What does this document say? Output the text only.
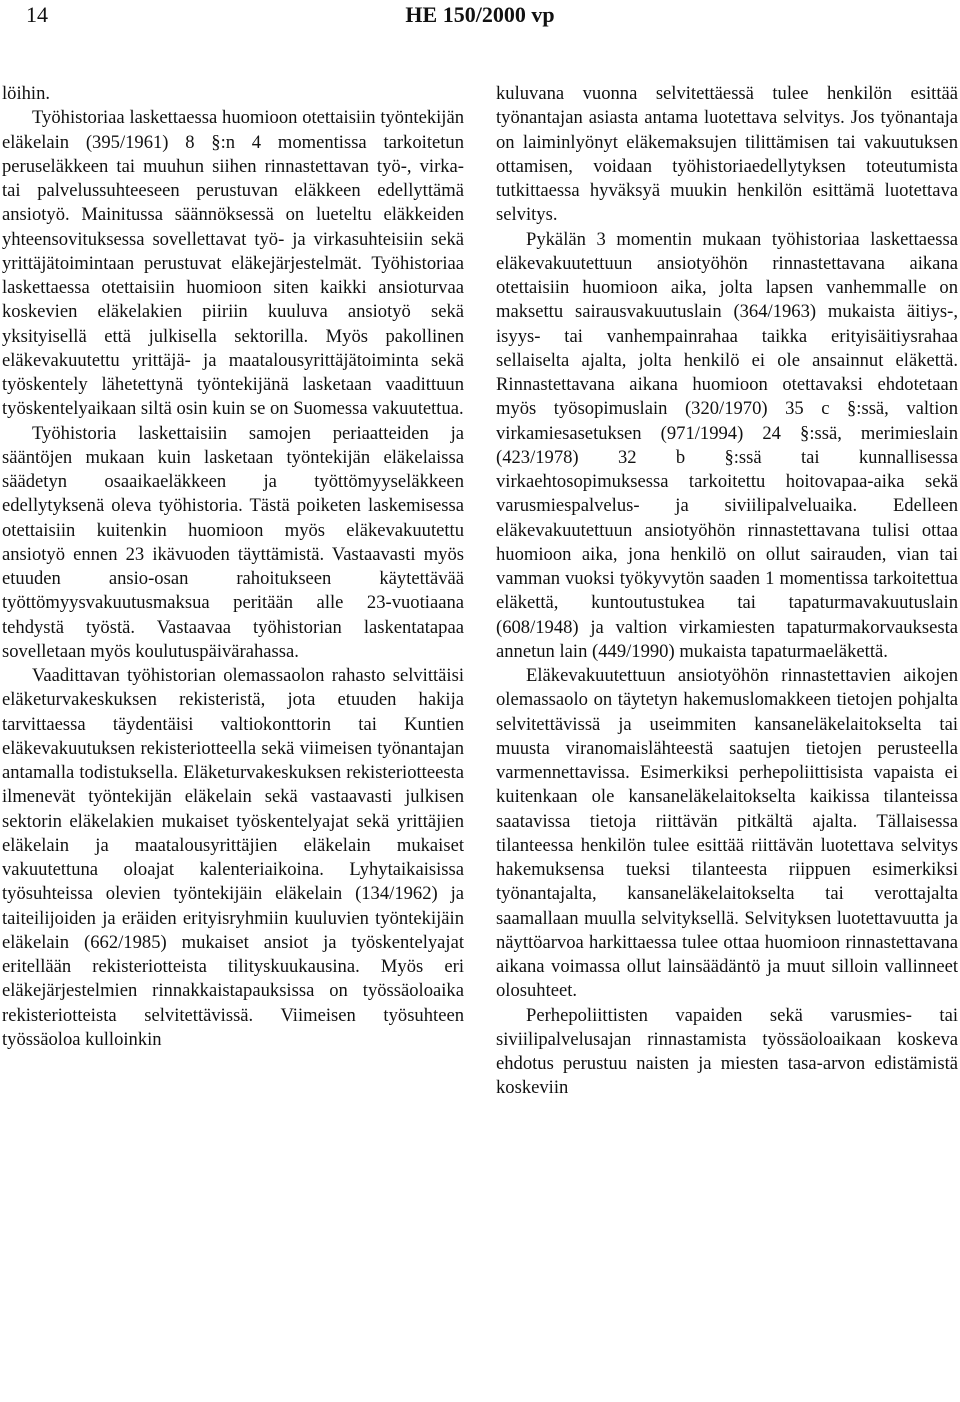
14	HE 150/2000 vp

löihin.

Työhistoriaa laskettaessa huomioon otettaisiin työntekijän eläkelain (395/1961) 8 §:n 4 momentissa tarkoitetun peruseläkkeen tai muuhun siihen rinnastettavan työ-, virka- tai palvelussuhteeseen perustuvan eläkkeen edellyttämä ansiotyö. Mainitussa säännöksessä on lueteltu eläkkeiden yhteensovituksessa sovellettavat työ- ja virkasuhteisiin sekä yrittäjätoimintaan perustuvat eläkejärjestelmät. Työhistoriaa laskettaessa otettaisiin huomioon siten kaikki ansioturvaa koskevien eläkelakien piiriin kuuluva ansiotyö sekä yksityisellä että julkisella sektorilla. Myös pakollinen eläkevakuutettu yrittäjä- ja maatalousyrittäjätoiminta sekä työskentely lähetettynä työntekijänä lasketaan vaadittuun työskentelyaikaan siltä osin kuin se on Suomessa vakuutettua.

Työhistoria laskettaisiin samojen periaatteiden ja sääntöjen mukaan kuin lasketaan työntekijän eläkelaissa säädetyn osaaikaeläkkeen ja työttömyyseläkkeen edellytyksenä oleva työhistoria. Tästä poiketen laskemisessa otettaisiin kuitenkin huomioon myös eläkevakuutettu ansiotyö ennen 23 ikävuoden täyttämistä. Vastaavasti myös etuuden ansio-osan rahoitukseen käytettävää työttömyysvakuutusmaksua peritään alle 23-vuotiaana tehdystä työstä. Vastaavaa työhistorian laskentatapaa sovelletaan myös koulutuspäivärahassa.

Vaadittavan työhistorian olemassaolon rahasto selvittäisi eläketurvakeskuksen rekisteristä, jota etuuden hakija tarvittaessa täydentäisi valtiokonttorin tai Kuntien eläkevakuutuksen rekisteriotteella sekä viimeisen työnantajan antamalla todistuksella. Eläketurvakeskuksen rekisteriotteesta ilmenevät työntekijän eläkelain sekä vastaavasti julkisen sektorin eläkelakien mukaiset työskentelyajat sekä yrittäjien eläkelain ja maatalousyrittäjien eläkelain mukaiset vakuutettuna oloajat kalenteriaikoina. Lyhytaikaisissa työsuhteissa olevien työntekijäin eläkelain (134/1962) ja taiteilijoiden ja eräiden erityisryhmiin kuuluvien työntekijäin eläkelain (662/1985) mukaiset ansiot ja työskentelyajat eritellään rekisteriotteista tilityskuukausina. Myös eri eläkejärjestelmien rinnakkaistapauksissa on työssäoloaika rekisteriotteista selvitettävissä. Viimeisen työsuhteen työssäoloa kulloinkin

kuluvana vuonna selvitettäessä tulee henkilön esittää työnantajan asiasta antama luotettava selvitys. Jos työnantaja on laiminlyönyt eläkemaksujen tilittämisen tai vakuutuksen ottamisen, voidaan työhistoriaedellytyksen toteutumista tutkittaessa hyväksyä muukin henkilön esittämä luotettava selvitys.

Pykälän 3 momentin mukaan työhistoriaa laskettaessa eläkevakuutettuun ansiotyöhön rinnastettavana aikana otettaisiin huomioon aika, jolta lapsen vanhemmalle on maksettu sairausvakuutuslain (364/1963) mukaista äitiys-, isyys- tai vanhempainrahaa taikka erityisäitiysrahaa sellaiselta ajalta, jolta henkilö ei ole ansainnut eläkettä. Rinnastettavana aikana huomioon otettavaksi ehdotetaan myös työsopimuslain (320/1970) 35 c §:ssä, valtion virkamiesasetuksen (971/1994) 24 §:ssä, merimieslain (423/1978) 32 b §:ssä tai kunnallisessa virkaehtosopimuksessa tarkoitettu hoitovapaa-aika sekä varusmiespalvelus- ja siviilipalveluaika. Edelleen eläkevakuutettuun ansiotyöhön rinnastettavana tulisi ottaa huomioon aika, jona henkilö on ollut sairauden, vian tai vamman vuoksi työkyvytön saaden 1 momentissa tarkoitettua eläkettä, kuntoutustukea tai tapaturmavakuutuslain (608/1948) ja valtion virkamiesten tapaturmakorvauksesta annetun lain (449/1990) mukaista tapaturmaeläkettä.

Eläkevakuutettuun ansiotyöhön rinnastettavien aikojen olemassaolo on täytetyn hakemuslomakkeen tietojen pohjalta selvitettävissä ja useimmiten kansaneläkelaitokselta tai muusta viranomaislähteestä saatujen tietojen perusteella varmennettavissa. Esimerkiksi perhepoliittisista vapaista ei kuitenkaan ole kansaneläkelaitokselta kaikissa tilanteissa saatavissa tietoja riittävän pitkältä ajalta. Tällaisessa tilanteessa henkilön tulee esittää riittävän luotettava selvitys hakemuksensa tueksi tilanteesta riippuen esimerkiksi työnantajalta, kansaneläkelaitokselta tai verottajalta saamallaan muulla selvityksellä. Selvityksen luotettavuutta ja näyttöarvoa harkittaessa tulee ottaa huomioon rinnastettavana aikana voimassa ollut lainsäädäntö ja muut silloin vallinneet olosuhteet.

Perhepoliittisten vapaiden sekä varusmies- tai siviilipalvelusajan rinnastamista työssäoloaikaan koskeva ehdotus perustuu naisten ja miesten tasa-arvon edistämistä koskeviin
